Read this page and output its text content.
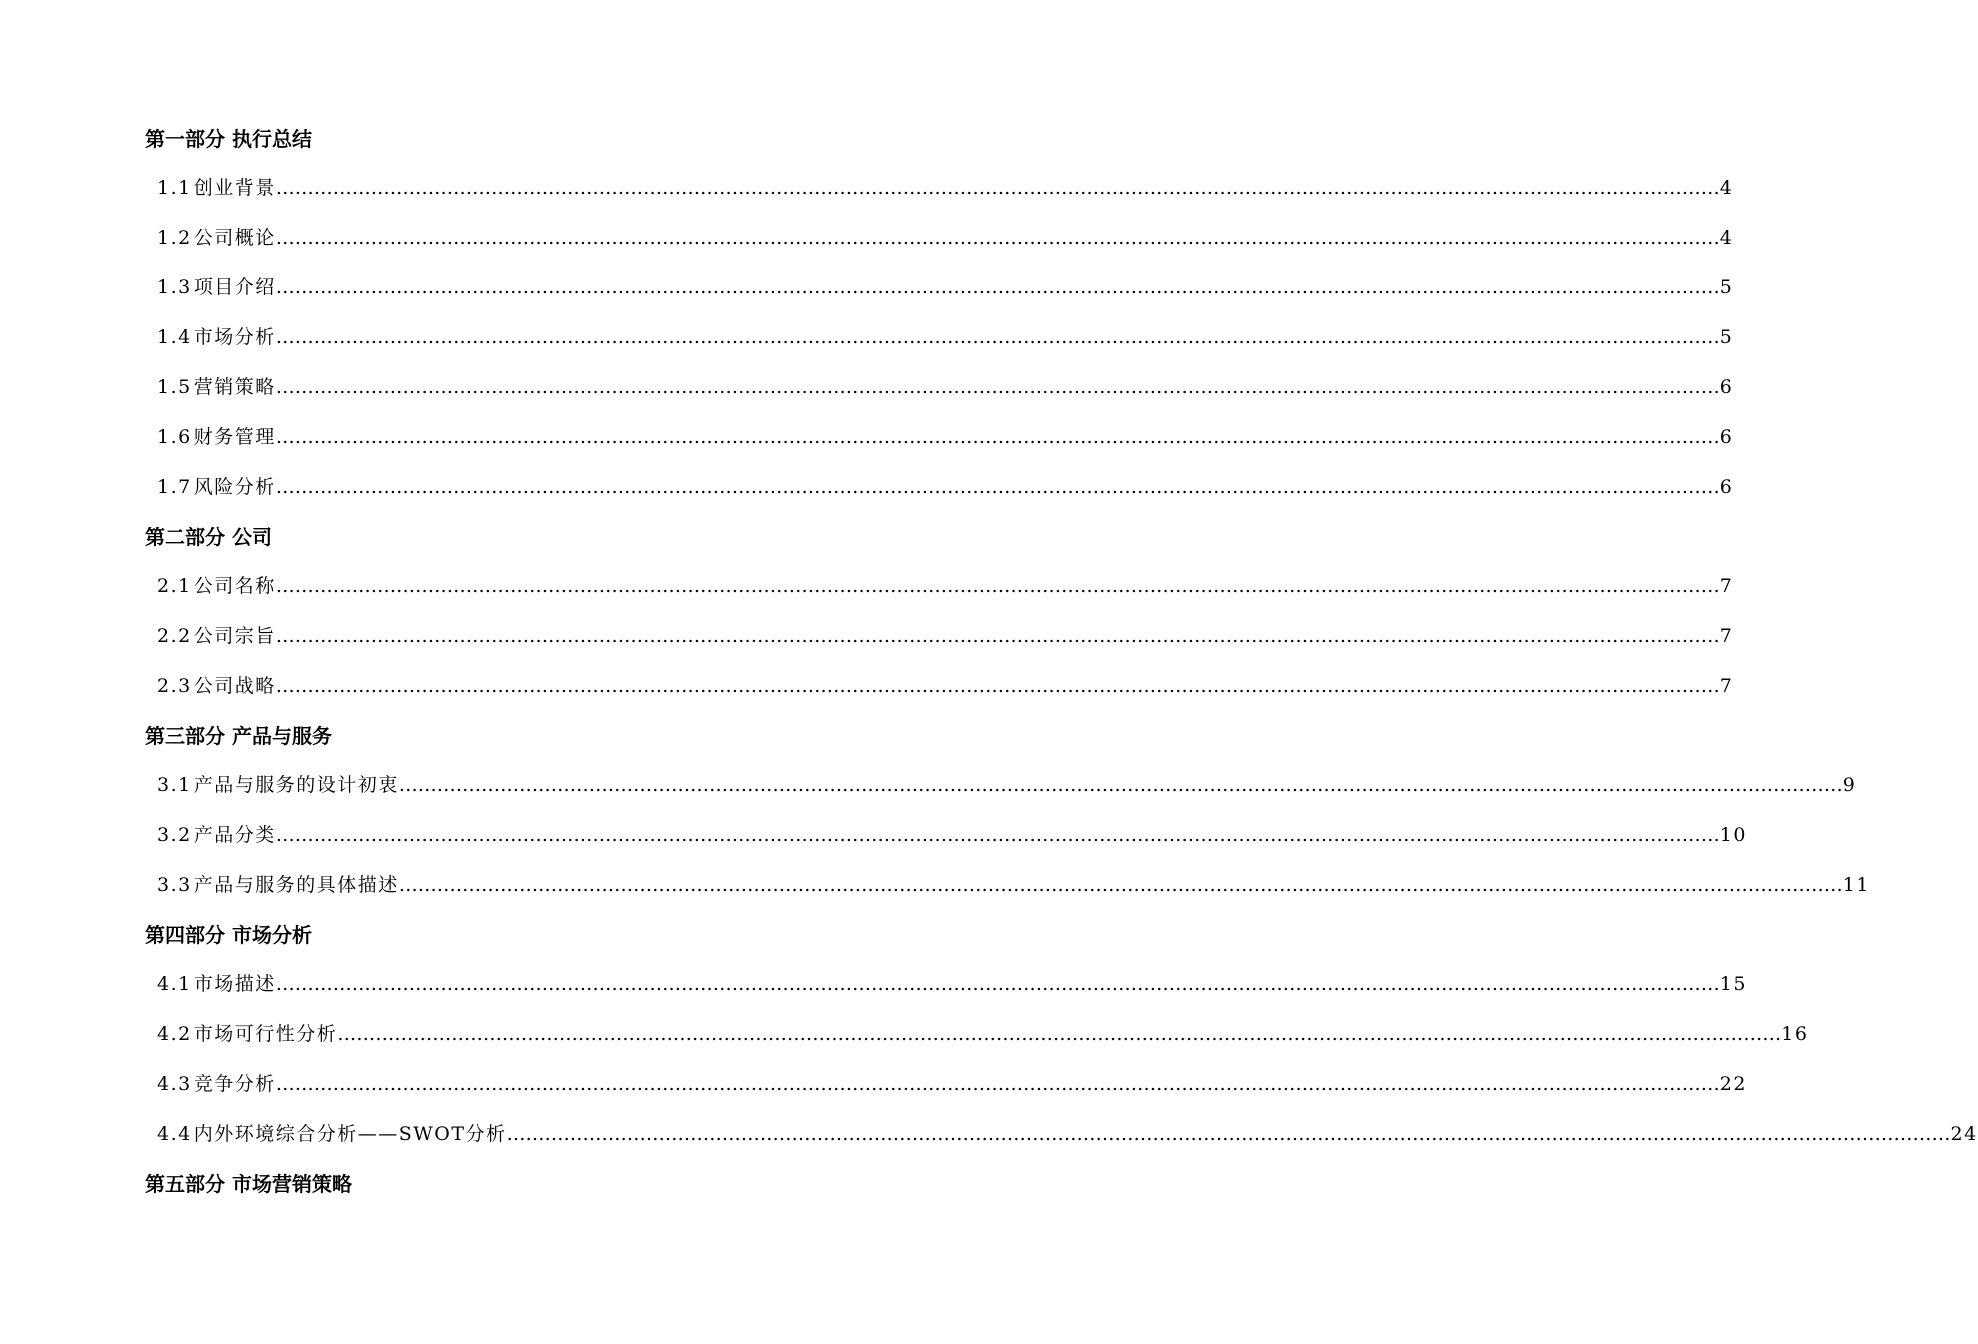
第一部分 执行总结
1.1 创业背景 ………………………………………………………………………………………………………………………………………………………………………………………………………… 4
1.2 公司概论 ………………………………………………………………………………………………………………………………………………………………………………………………………… 4
1.3 项目介绍 ………………………………………………………………………………………………………………………………………………………………………………………………………… 5
1.4 市场分析 ………………………………………………………………………………………………………………………………………………………………………………………………………… 5
1.5 营销策略 ………………………………………………………………………………………………………………………………………………………………………………………………………… 6
1.6 财务管理 ………………………………………………………………………………………………………………………………………………………………………………………………………… 6
1.7 风险分析 ………………………………………………………………………………………………………………………………………………………………………………………………………… 6
第二部分 公司
2.1 公司名称 ………………………………………………………………………………………………………………………………………………………………………………………………………… 7
2.2 公司宗旨 ………………………………………………………………………………………………………………………………………………………………………………………………………… 7
2.3 公司战略 ………………………………………………………………………………………………………………………………………………………………………………………………………… 7
第三部分 产品与服务
3.1 产品与服务的设计初衷 ………………………………………………………………………………………………………………………………………………………………………………………………………… 9
3.2 产品分类 ………………………………………………………………………………………………………………………………………………………………………………………………………… 10
3.3 产品与服务的具体描述 ………………………………………………………………………………………………………………………………………………………………………………………………………… 11
第四部分 市场分析
4.1 市场描述 ………………………………………………………………………………………………………………………………………………………………………………………………………… 15
4.2 市场可行性分析 ………………………………………………………………………………………………………………………………………………………………………………………………………… 16
4.3 竞争分析 ………………………………………………………………………………………………………………………………………………………………………………………………………… 22
4.4 内外环境综合分析——SWOT分析 ………………………………………………………………………………………………………………………………………………………………………………………………………… 24
第五部分 市场营销策略
